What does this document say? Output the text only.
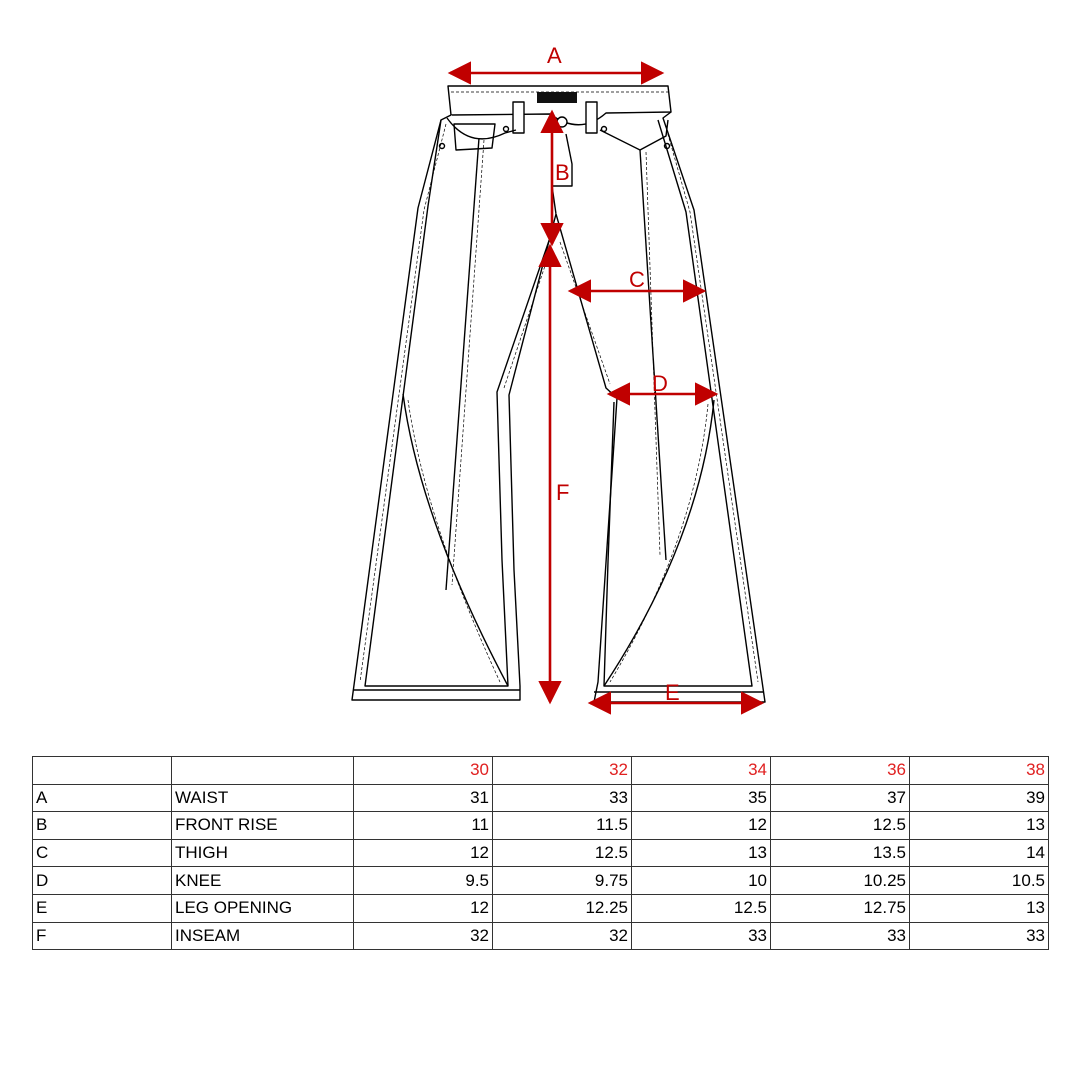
A
B
C
D
E
F
		30	32	34	36	38
A	WAIST	31	33	35	37	39
B	FRONT RISE	11	11.5	12	12.5	13
C	THIGH	12	12.5	13	13.5	14
D	KNEE	9.5	9.75	10	10.25	10.5
E	LEG OPENING	12	12.25	12.5	12.75	13
F	INSEAM	32	32	33	33	33
